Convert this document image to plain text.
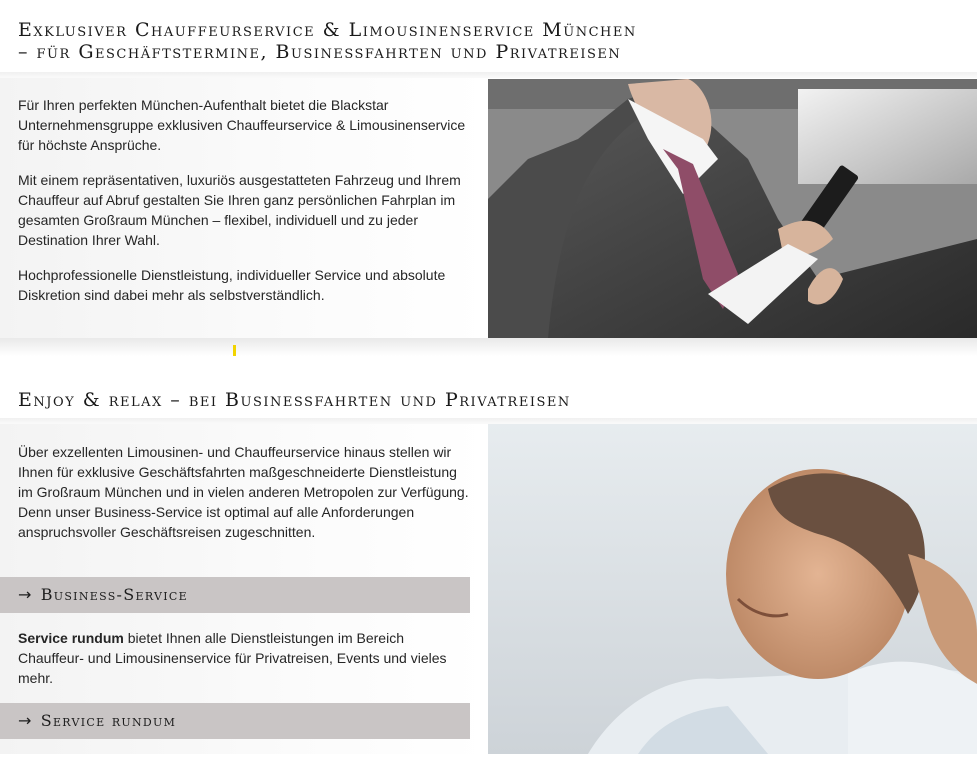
Exklusiver Chauffeurservice & Limousinenservice München
– für Geschäftstermine, Businessfahrten und Privatreisen

Für Ihren perfekten München-Aufenthalt bietet die Blackstar Unternehmensgruppe exklusiven Chauffeurservice & Limousinenservice für höchste Ansprüche.

Mit einem repräsentativen, luxuriös ausgestatteten Fahrzeug und Ihrem Chauffeur auf Abruf gestalten Sie Ihren ganz persönlichen Fahrplan im gesamten Großraum München – flexibel, individuell und zu jeder Destination Ihrer Wahl.

Hochprofessionelle Dienstleistung, individueller Service und absolute Diskretion sind dabei mehr als selbstverständlich.

Enjoy & relax – bei Businessfahrten und Privatreisen

Über exzellenten Limousinen- und Chauffeurservice hinaus stellen wir Ihnen für exklusive Geschäftsfahrten maßgeschneiderte Dienstleistung im Großraum München und in vielen anderen Metropolen zur Verfügung. Denn unser Business-Service ist optimal auf alle Anforderungen anspruchsvoller Geschäftsreisen zugeschnitten.

Service rundum bietet Ihnen alle Dienstleistungen im Bereich Chauffeur- und Limousinenservice für Privatreisen, Events und vieles mehr.

→ Business-Service
→ Service rundum
